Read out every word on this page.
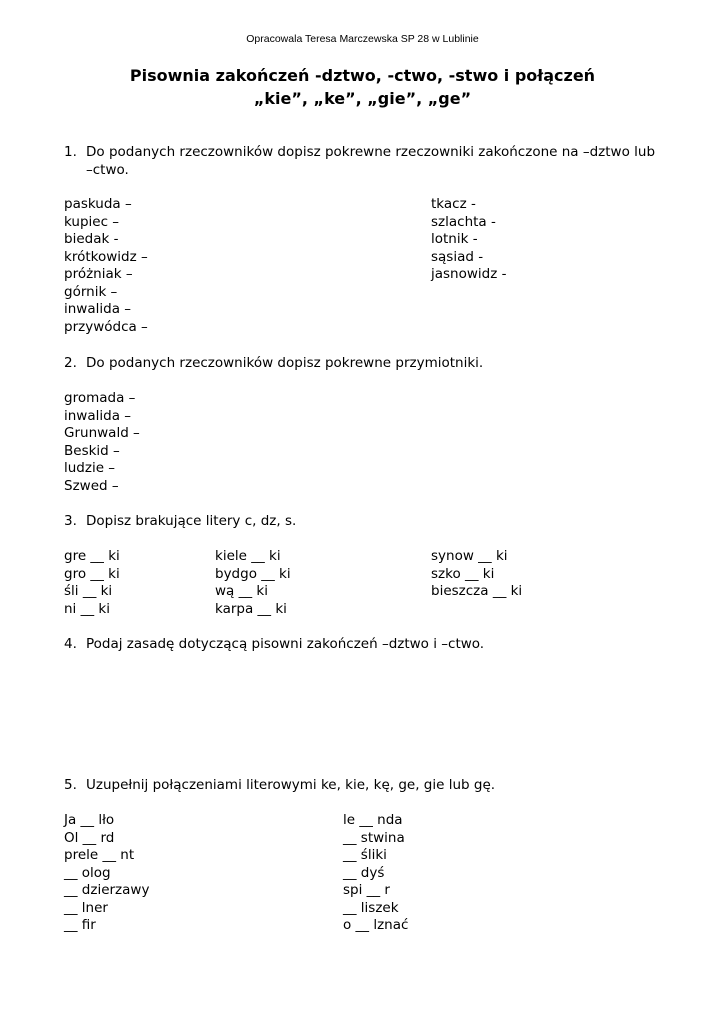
Opracowala Teresa Marczewska SP 28 w Lublinie
Pisownia zakończeń -dztwo, -ctwo, -stwo i połączeń
„kie”, „ke”, „gie”, „ge”
1. Do podanych rzeczowników dopisz pokrewne rzeczowniki zakończone na –dztwo lub –ctwo.
paskuda –
kupiec –
biedak -
krótkowidz –
próżniak –
górnik –
inwalida –
przywódca –
tkacz -
szlachta -
lotnik -
sąsiad -
jasnowidz -
2. Do podanych rzeczowników dopisz pokrewne przymiotniki.
gromada –
inwalida –
Grunwald –
Beskid –
ludzie –
Szwed –
3. Dopisz brakujące litery c, dz, s.
gre __ ki
gro __ ki
śli __ ki
ni __ ki
kiele __ ki
bydgo __ ki
wą __ ki
karpa __ ki
synow __ ki
szko __ ki
bieszcza __ ki
4. Podaj zasadę dotyczącą pisowni zakończeń –dztwo i –ctwo.
5. Uzupełnij połączeniami literowymi ke, kie, kę, ge, gie lub gę.
Ja __ lło
Ol __ rd
prele __ nt
__ olog
__ dzierzawy
__ lner
__ fir
le __ nda
__ stwina
__ śliki
__ dyś
spi __ r
__ liszek
o __ lznać
